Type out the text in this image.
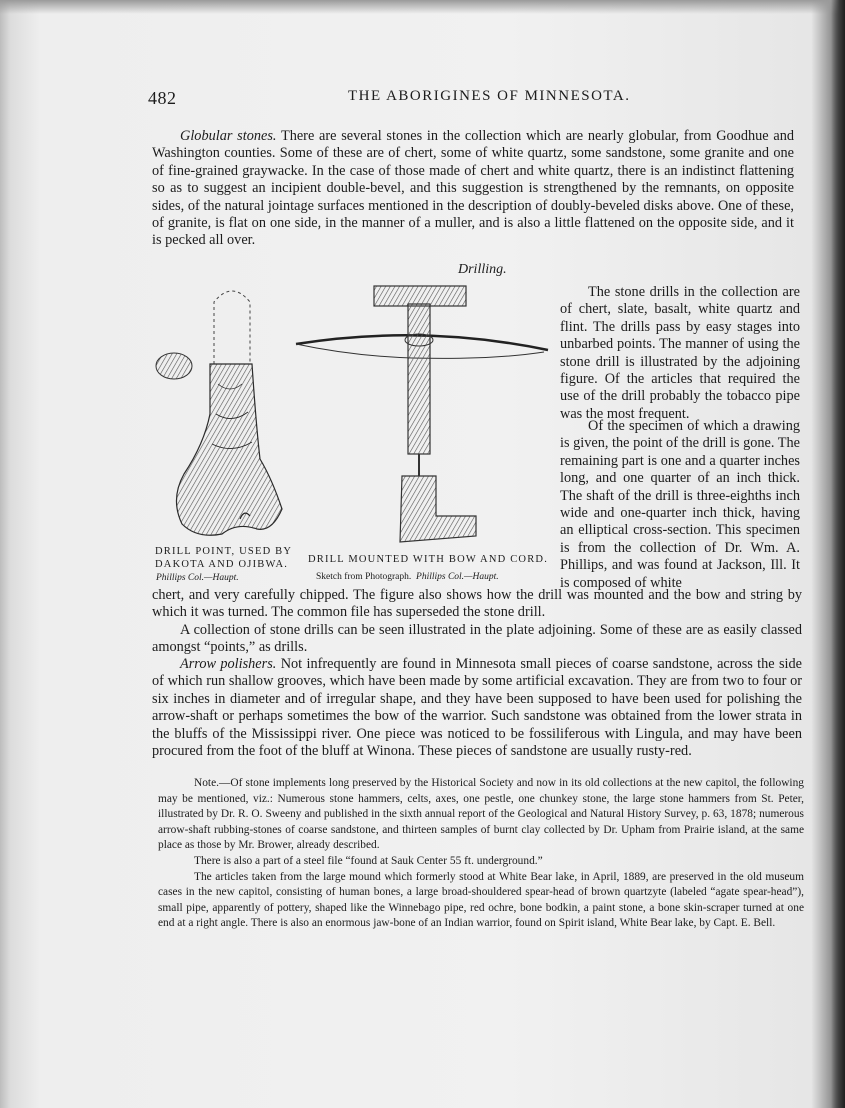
482	THE ABORIGINES OF MINNESOTA.

Globular stones. There are several stones in the collection which are nearly globular, from Goodhue and Washington counties. Some of these are of chert, some of white quartz, some sandstone, some granite and one of fine-grained graywacke. In the case of those made of chert and white quartz, there is an indistinct flattening so as to suggest an incipient double-bevel, and this suggestion is strengthened by the remnants, on opposite sides, of the natural jointage surfaces mentioned in the description of doubly-beveled disks above. One of these, of granite, is flat on one side, in the manner of a muller, and is also a little flattened on the opposite side, and it is pecked all over.

Drilling.

The stone drills in the collection are of chert, slate, basalt, white quartz and flint. The drills pass by easy stages into unbarbed points. The manner of using the stone drill is illustrated by the adjoining figure. Of the articles that required the use of the drill probably the tobacco pipe was the most frequent.

Of the specimen of which a drawing is given, the point of the drill is gone. The remaining part is one and a quarter inches long, and one quarter of an inch thick. The shaft of the drill is three-eighths inch wide and one-quarter inch thick, having an elliptical cross-section. This specimen is from the collection of Dr. Wm. A. Phillips, and was found at Jackson, Ill. It is composed of white

DRILL POINT, USED BY
DAKOTA AND OJIBWA.
Phillips Col.—Haupt.
DRILL MOUNTED WITH BOW AND CORD.
Sketch from Photograph. Phillips Col.—Haupt.

chert, and very carefully chipped. The figure also shows how the drill was mounted and the bow and string by which it was turned. The common file has superseded the stone drill.

A collection of stone drills can be seen illustrated in the plate adjoining. Some of these are as easily classed amongst “points,” as drills.

Arrow polishers. Not infrequently are found in Minnesota small pieces of coarse sandstone, across the side of which run shallow grooves, which have been made by some artificial excavation. They are from two to four or six inches in diameter and of irregular shape, and they have been supposed to have been used for polishing the arrow-shaft or perhaps sometimes the bow of the warrior. Such sandstone was obtained from the lower strata in the bluffs of the Mississippi river. One piece was noticed to be fossiliferous with Lingula, and may have been procured from the foot of the bluff at Winona. These pieces of sandstone are usually rusty-red.

Note.—Of stone implements long preserved by the Historical Society and now in its old collections at the new capitol, the following may be mentioned, viz.: Numerous stone hammers, celts, axes, one pestle, one chunkey stone, the large stone hammers from St. Peter, illustrated by Dr. R. O. Sweeny and published in the sixth annual report of the Geological and Natural History Survey, p. 63, 1878; numerous arrow-shaft rubbing-stones of coarse sandstone, and thirteen samples of burnt clay collected by Dr. Upham from Prairie island, at the same place as those by Mr. Brower, already described.

There is also a part of a steel file “found at Sauk Center 55 ft. underground.”

The articles taken from the large mound which formerly stood at White Bear lake, in April, 1889, are preserved in the old museum cases in the new capitol, consisting of human bones, a large broad-shouldered spear-head of brown quartzyte (labeled “agate spear-head”), small pipe, apparently of pottery, shaped like the Winnebago pipe, red ochre, bone bodkin, a paint stone, a bone skin-scraper turned at one end at a right angle. There is also an enormous jaw-bone of an Indian warrior, found on Spirit island, White Bear lake, by Capt. E. Bell.
